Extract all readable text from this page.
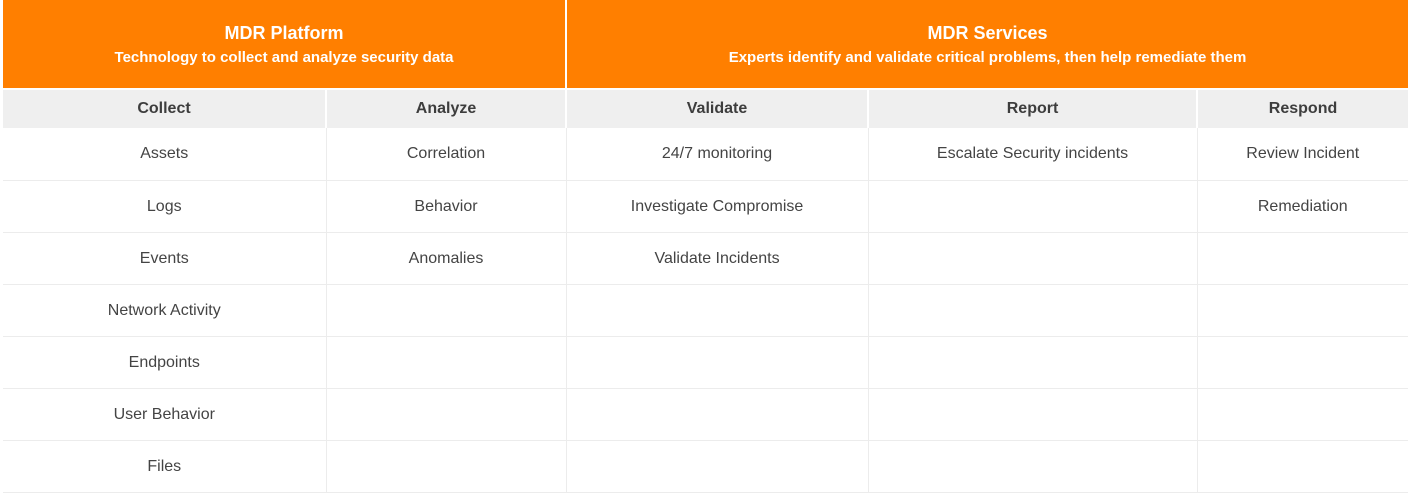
MDR Platform
Technology to collect and analyze security data		MDR Services
Experts identify and validate critical problems, then help remediate them		

Collect	Analyze	Validate	Report	Respond
Assets	Correlation	24/7 monitoring	Escalate Security incidents	Review Incident
Logs	Behavior	Investigate Compromise		Remediation
Events	Anomalies	Validate Incidents		
Network Activity				
Endpoints				
User Behavior				
Files				
